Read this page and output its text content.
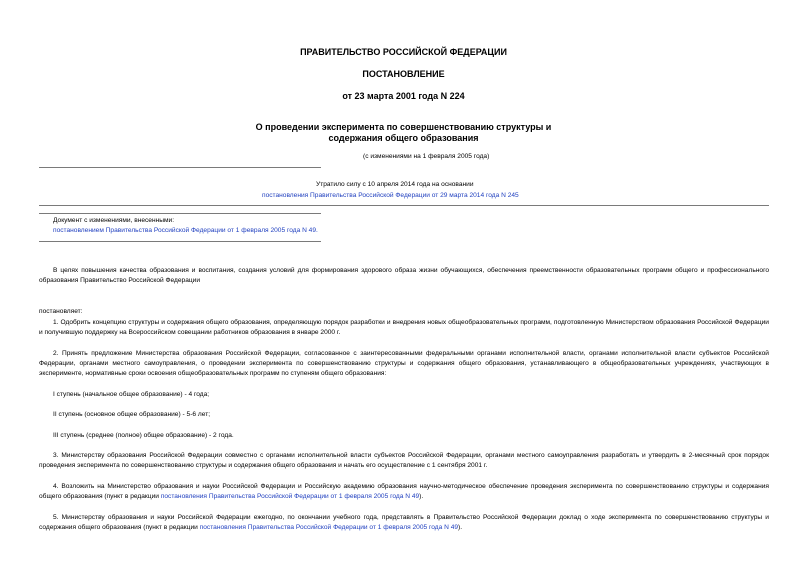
ПРАВИТЕЛЬСТВО РОССИЙСКОЙ ФЕДЕРАЦИИ
ПОСТАНОВЛЕНИЕ
от 23 марта 2001 года N 224
О проведении эксперимента по совершенствованию структуры и
содержания общего образования
(с изменениями на 1 февраля 2005 года)
Утратило силу с 10 апреля 2014 года на основании
постановления Правительства Российской Федерации от 29 марта 2014 года N 245
Документ с изменениями, внесенными:
постановлением Правительства Российской Федерации от 1 февраля 2005 года N 49.
В целях повышения качества образования и воспитания, создания условий для формирования здорового образа жизни обучающихся, обеспечения преемственности образовательных программ общего и профессионального образования Правительство Российской Федерации
постановляет:
1. Одобрить концепцию структуры и содержания общего образования, определяющую порядок разработки и внедрения новых общеобразовательных программ, подготовленную Министерством образования Российской Федерации и получившую поддержку на Всероссийском совещании работников образования в январе 2000 г.
2. Принять предложение Министерства образования Российской Федерации, согласованное с заинтересованными федеральными органами исполнительной власти, органами исполнительной власти субъектов Российской Федерации, органами местного самоуправления, о проведении эксперимента по совершенствованию структуры и содержания общего образования, устанавливающего в общеобразовательных учреждениях, участвующих в эксперименте, нормативные сроки освоения общеобразовательных программ по ступеням общего образования:
I ступень (начальное общее образование) - 4 года;
II ступень (основное общее образование) - 5-6 лет;
III ступень (среднее (полное) общее образование) - 2 года.
3. Министерству образования Российской Федерации совместно с органами исполнительной власти субъектов Российской Федерации, органами местного самоуправления разработать и утвердить в 2-месячный срок порядок проведения эксперимента по совершенствованию структуры и содержания общего образования и начать его осуществление с 1 сентября 2001 г.
4. Возложить на Министерство образования и науки Российской Федерации и Российскую академию образования научно-методическое обеспечение проведения эксперимента по совершенствованию структуры и содержания общего образования (пункт в редакции постановления Правительства Российской Федерации от 1 февраля 2005 года N 49).
5. Министерству образования и науки Российской Федерации ежегодно, по окончании учебного года, представлять в Правительство Российской Федерации доклад о ходе эксперимента по совершенствованию структуры и содержания общего образования (пункт в редакции постановления Правительства Российской Федерации от 1 февраля 2005 года N 49).
